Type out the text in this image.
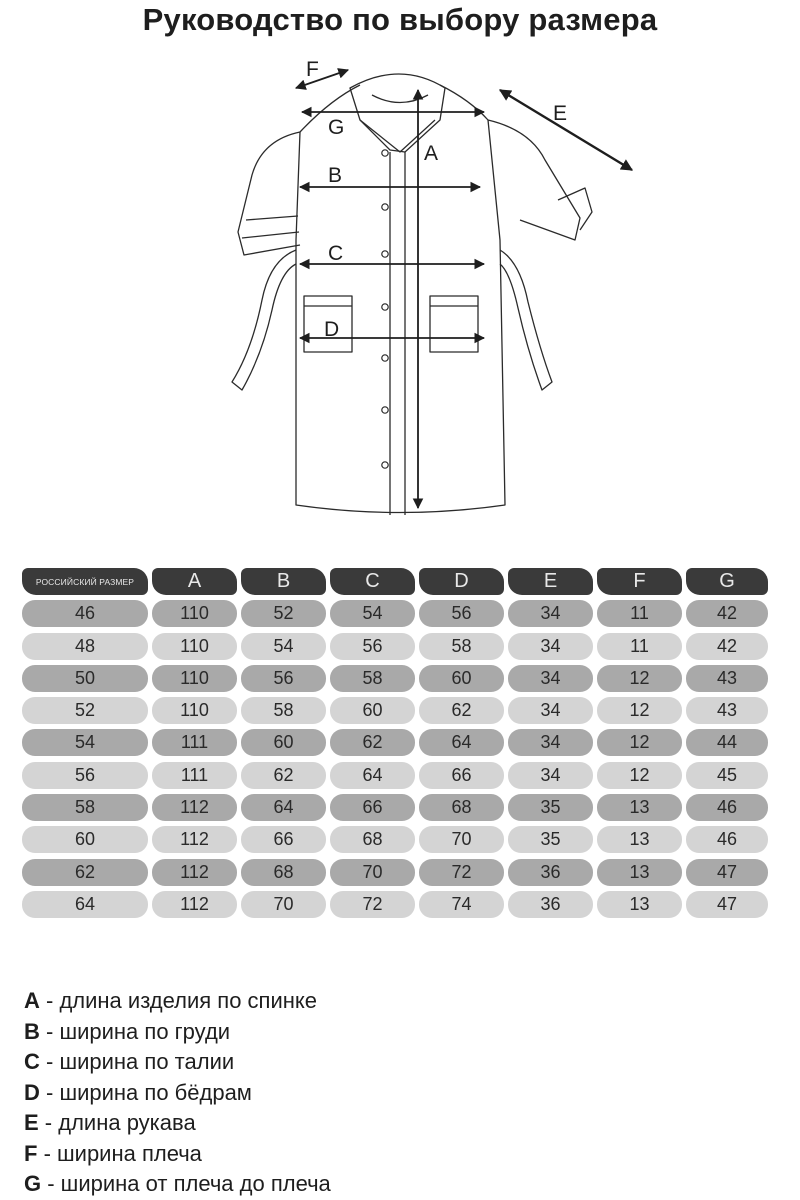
Руководство по выбору размера
A
G
B
C
D
F
E
РОССИЙСКИЙ РАЗМЕР	A	B	C	D	E	F	G
46	110	52	54	56	34	11	42
48	110	54	56	58	34	11	42
50	110	56	58	60	34	12	43
52	110	58	60	62	34	12	43
54	111	60	62	64	34	12	44
56	111	62	64	66	34	12	45
58	112	64	66	68	35	13	46
60	112	66	68	70	35	13	46
62	112	68	70	72	36	13	47
64	112	70	72	74	36	13	47
A - длина изделия по спинке
B - ширина по груди
C - ширина по талии
D - ширина по бёдрам
E - длина рукава
F - ширина плеча
G - ширина от плеча до плеча
